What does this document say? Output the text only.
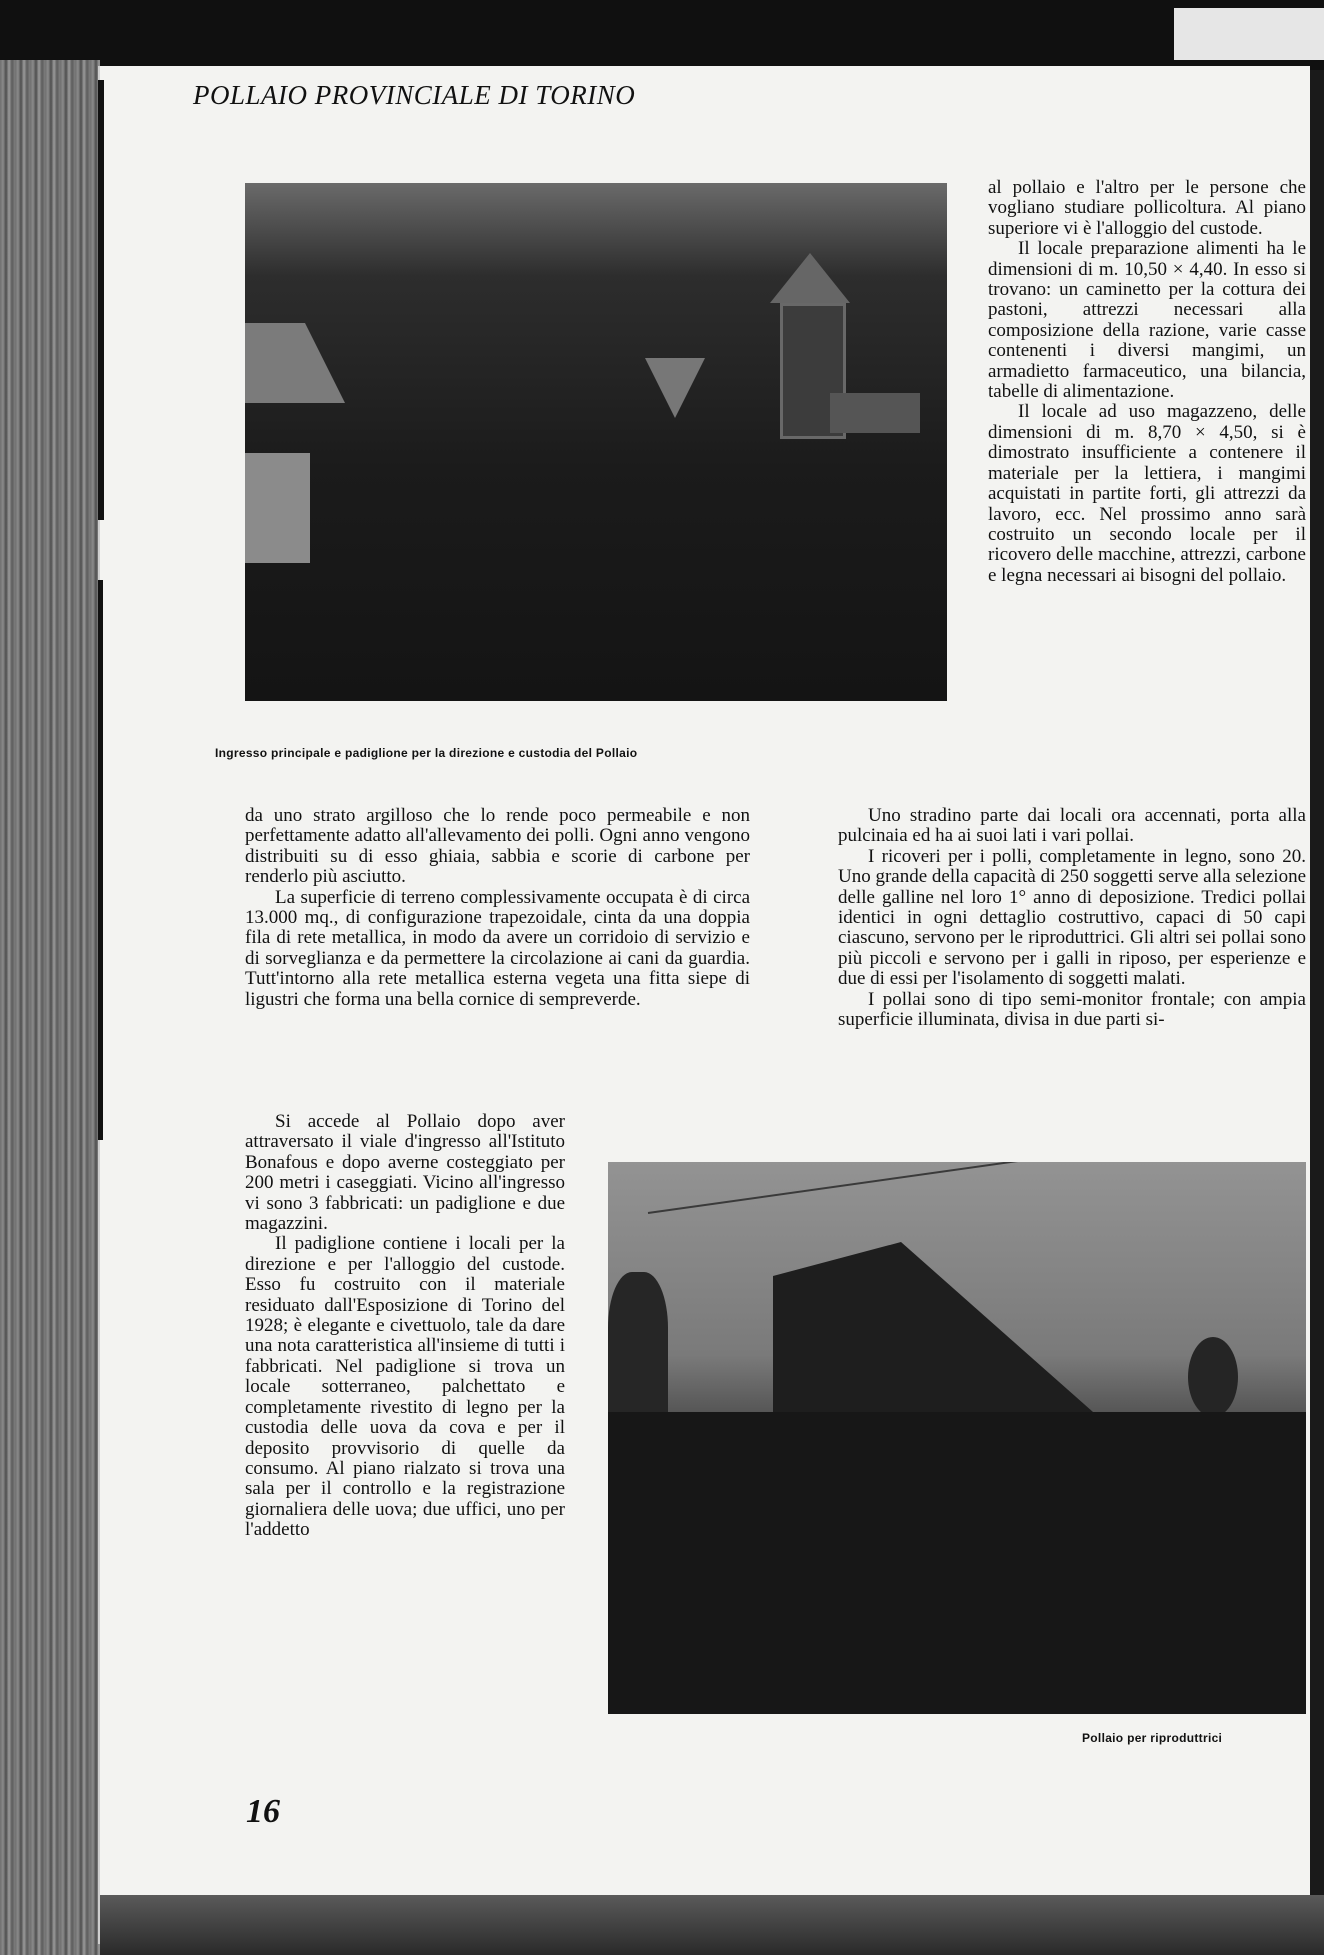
POLLAIO PROVINCIALE DI TORINO
Ingresso principale e padiglione per la direzione e custodia del Pollaio

al pollaio e l'altro per le persone che vogliano studiare pollicoltura. Al piano superiore vi è l'alloggio del custode.

Il locale preparazione alimenti ha le dimensioni di m. 10,50 × 4,40. In esso si trovano: un caminetto per la cottura dei pastoni, attrezzi necessari alla composizione della razione, varie casse contenenti i diversi mangimi, un armadietto farmaceutico, una bilancia, tabelle di alimentazione.

Il locale ad uso magazzeno, delle dimensioni di m. 8,70 × 4,50, si è dimostrato insufficiente a contenere il materiale per la lettiera, i mangimi acquistati in partite forti, gli attrezzi da lavoro, ecc. Nel prossimo anno sarà costruito un secondo locale per il ricovero delle macchine, attrezzi, carbone e legna necessari ai bisogni del pollaio.

da uno strato argilloso che lo rende poco permeabile e non perfettamente adatto all'allevamento dei polli. Ogni anno vengono distribuiti su di esso ghiaia, sabbia e scorie di carbone per renderlo più asciutto.

La superficie di terreno complessivamente occupata è di circa 13.000 mq., di configurazione trapezoidale, cinta da una doppia fila di rete metallica, in modo da avere un corridoio di servizio e di sorveglianza e da permettere la circolazione ai cani da guardia. Tutt'intorno alla rete metallica esterna vegeta una fitta siepe di ligustri che forma una bella cornice di sempreverde.

Uno stradino parte dai locali ora accennati, porta alla pulcinaia ed ha ai suoi lati i vari pollai.

I ricoveri per i polli, completamente in legno, sono 20. Uno grande della capacità di 250 soggetti serve alla selezione delle galline nel loro 1° anno di deposizione. Tredici pollai identici in ogni dettaglio costruttivo, capaci di 50 capi ciascuno, servono per le riproduttrici. Gli altri sei pollai sono più piccoli e servono per i galli in riposo, per esperienze e due di essi per l'isolamento di soggetti malati.

I pollai sono di tipo semi-monitor frontale; con ampia superficie illuminata, divisa in due parti si-

Si accede al Pollaio dopo aver attraversato il viale d'ingresso all'Istituto Bonafous e dopo averne costeggiato per 200 metri i caseggiati. Vicino all'ingresso vi sono 3 fabbricati: un padiglione e due magazzini.

Il padiglione contiene i locali per la direzione e per l'alloggio del custode. Esso fu costruito con il materiale residuato dall'Esposizione di Torino del 1928; è elegante e civettuolo, tale da dare una nota caratteristica all'insieme di tutti i fabbricati. Nel padiglione si trova un locale sotterraneo, palchettato e completamente rivestito di legno per la custodia delle uova da cova e per il deposito provvisorio di quelle da consumo. Al piano rialzato si trova una sala per il controllo e la registrazione giornaliera delle uova; due uffici, uno per l'addetto

Pollaio per riproduttrici
16
